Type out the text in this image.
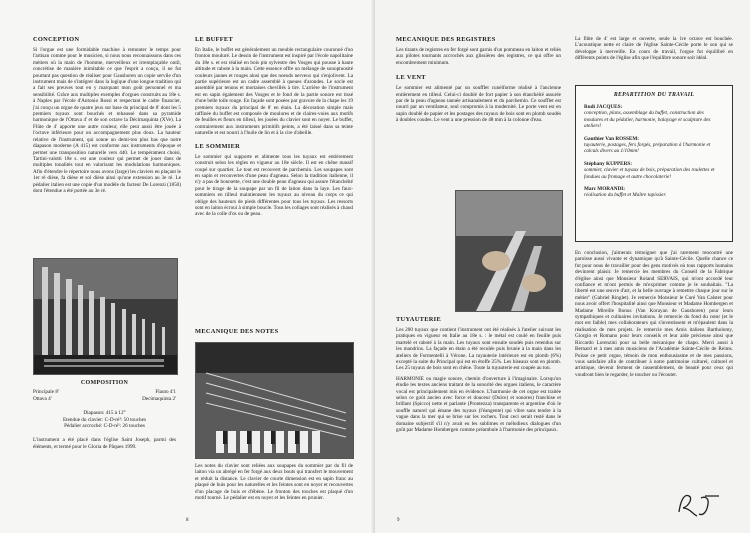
CONCEPTION

Si l'orgue est une formidable machine à remonter le temps pour l'artisan comme pour le musicien, si nous nous reconnaissons dans ces métiers où la main de l'homme, merveilleux et irremplaçable outil, concrétise de manière inimitable ce que l'esprit a conçu, il ne fut pourtant pas question de réaliser pour Gaushoren un copie servile d'un instrument mais de s'intégrer dans la logique d'une longue tradition qui a fait ses preuves tout en y marquant mon goût personnel et ma sensibilité. Grâce aux multiples exemples d'orgues construits au 18e s. à Naples par l'école d'Antonio Rossi et respectant le cadre financier, j'ai conçu un orgue de quatre jeux sur base du principal de 8' dont les 5 premiers tuyaux sont bouchés et rehaussé dans sa pyramide harmonique de l'Ottava 4' et de son octave la Décimaquinta (XVe). La Flûte de 4' apporte une autre couleur, elle peut aussi être jouée à l'octave inférieure pour un accompagnement plus doux. La hauteur relative de l'instrument, qui sonne un demi-ton plus bas que notre diapason moderne (A 415) est conforme aux instruments d'époque et permet une transposition naturelle vers 440. Le tempérament choisi, Tartini-valotti 18e s. est une couleur qui permet de jouer dans de multiples tonalités tout en valorisant les modulations harmoniques. Afin d'étendre le répertoire nous avons (large) les claviers en plaçant le 1er ré dièse, fa dièse et sol dièse ainsi qu'une extension au 3e ré. Le pédalier italien est une copie d'un modèle du facteur De Lorenzi (1850) dont l'étendue a été portée au 3e ré.

COMPOSITION

Principale 8'	Flauto 4'1
Ottava 4'	Decimaquinta 2'
Diapason: 415 à 12°
Etendue du clavier: C-D-ré³: 50 touches
Pédalier accroché: C-D-ré¹: 26 touches

L'instrument a été placé dans l'église Saint Joseph, parmi des éléments, et termé pour le Gloria de Pâques 1999.

LE BUFFET

En Italie, le buffet est généralement un meuble rectangulaire couronné d'un fronton mouluré. Le dessin de l'instrument est inspiré par l'école napolitaine du 18e s. et est réalisé en bois pin sylvestre des Vosges qui pousse à haute altitude et rabote à la main. Cette essence offre un mélange de sonoptuosité couleurs jaunes et rouges ainsi que des noeuds nerveux qui s'enjolivent. La partie supérieure est un cadre assemblé à queues d'arondes. Le socle est assemblé par tenons et mortaises chevillés à tire. L'arrière de l'instrument est en sapin également des Vosges et le fond de la partie sonore est tissé d'une belle toile rouge. En façade sont posées par gravure de la chape les 19 premiers tuyaux du principal de 8' en étain. La décoration simple mais raffinée du buffet est composée de moulures et de claires-voies aux motifs de feuilles et fleurs en tilleul, les jouées du clavier sont en noyer. Le buffet, contrairement aux instruments primitifs peints, a été laissé dans sa teinte naturelle et est nourri à l'huile de lin et à la cire d'abeille.

LE SOMMIER

Le sommier qui supporte et alimente tous les tuyaux est entièrement construit selon les règles en vigueur au 18e siècle. Il est en chêne massif coupé sur quartier. Le tout est recouvert de parchemin. Les soupapes sont en sapin et recouvertes d'une peau d'agneau. Selon la tradition italienne, il n'y a pas de boursette, c'est une double peau d'agneau qui assure l'étanchéité pour le tirage de la soupape par un fil de laiton dans la laye. Les faux-sommiers en tilleul maintiennent les tuyaux au niveau du corps ce qui oblige des hauteurs de pieds différentes pour tous les tuyaux. Les ressorts sont en laiton écroui à simple boucle. Tous les collages sont réalisés à chaud avec de la colle d'os ou de peau.

MECANIQUE DES NOTES

Les notes du clavier sont reliées aux soupapes du sommier par du fil de laiton via un abrégé en fer forgé aux deux bouts qui transfert le mouvement et réduit la distance. Le clavier de courte dimension est en sapin franc au plaqué de buis pour les naturelles et les feintes sont en noyer et recouvertes d'un placage de buis et d'ébène. Le fronton des touches est plaqué d'un motif tourné. Le pédalier est en noyer et les feintes en prunier.

8

MECANIQUE DES REGISTRES

Les tirants de registres en fer forgé sont garnis d'un pommeau en laiton et reliés aux pilotes tournants accrochés aux glissières des registres, ce qui offre un encombrement minimum.

LE VENT

Le sommier est alimenté par un soufflet cunéiforme réalisé à l'ancienne entièrement en tilleul. Celui-ci doublé de fort papier à son étanchéité assurée par de la peau d'agneau tannée artisanalement et du parchemin. Ce soufflet est nourri par un ventilateur, seul compromis à la modernité. Le porte vent est en sapin doublé de papier et les postages des tuyaux de bois sont en plomb soudés à doubles coudes. Le vent a une pression de 48 mm à la colonne d'eau.

TUYAUTERIE

Les 200 tuyaux que contient l'instrument ont été réalisés à l'atelier suivant les pratiques en vigueur en Italie au 18e s. : le métal est coulé en feuille puis martelé et raboté à la main. Les tuyaux sont ensuite soudés puis retendus sur les mandrins. La façade en étain a été reculée puis brunie à la main dans les ateliers de Formentelli à Vérone. La tuyauterie intérieure est en plomb (6%) excepté la suite du Principal qui est en étoffe 25%. Les biseaux sont en plomb. Les 25 tuyaux de bois sont en chêne. Toute la tuyauterie est coupée au ton.

HARMONIE ou magie sonore, chemin d'ouverture à l'imaginaire. Lorsqu'on étudie les textes anciens traitant de la sonorité des orgues italiens, le caractère vocal est principalement mis en évidence. L'harmonie de cet orgue est traitée selon ce goût ancien avec force et douceur (Dulce) et sonores) franchise et brillant (Spicco) nette et parlante (Prontezza) transparente et argentine d'où le souffle naturel qui émane des tuyaux (l'éangente) qui vibre sans tendre à la vague dans la mer qui se brise sur les rochers. Tout ceci serait resté dans le domaine subjectif s'il n'y avait eu les sublimes et mélodieux dialogues d'un goût par Madame Hombergen comme préambule à l'harmonie des principaux.

La flûte de 4' est large et ouverte, seule la 1re octave est bouchée. L'acoustique nette et claire de l'église Sainte-Cécile porte le son qui se développe à merveille. En cours de travail, l'orgue fut équilibré en différents points de l'église afin que l'équilibre sonore soit idéal.

REPARTITION DU TRAVAIL

Rudi JACQUES:
conception, plans, assemblage du buffet, construction des moulures et du pédalier, harmonie, balayage et sculpture des ateliers!
Gauthier Van ROSSEM:
tuyauterie, postages, fers forgés, préparation à l'harmonie et calculs divers au 1/10mm!
Stéphany KUPPERS:
sommier, clavier et tuyaux de bois, préparation des roulettes et fondues au fromage et autre chocolaterie!
Marc MORANDI:
réalisation du buffet et Maître tapissier.

En conclusion, j'aimerais témoigner que j'ai rarement rencontré une paroisse aussi vivante et dynamique qu'à Sainte-Cécile. Quelle chance ce fut pour nous de travailler pour des gens motivés où tous rapports humains devinrent plaisir. Je remercie les membres du Conseil de la Fabrique d'église ainsi que Monsieur Roland SERVAIS, qui m'ont accordé leur confiance et m'ont permis de m'exprimer comme je le souhaitais. "La liberté est une œuvre d'art, et la belle ouvrage à remettre chaque jour sur le métier" (Gabriel Ringlet). Je remercie Monsieur le Curé Van Calster pour nous avoir offert l'hospitalité ainsi que Monsieur et Madame Hombergen et Madame Mireille Bonus (Van Korayan de Gaushoren) pour leurs sympathiques et culinaires invitations. Je remercie du fond du cœur (et le mot est faible) mes collaborateurs qui s'investissent et m'épaulent dans la réalisation de mes projets. Je remercie mes Amis italiens Bartholomy, Giorgio et Romano pour leurs conseils et leur aide précieuse ainsi que Riccardo Lorenzini pour sa belle mécanique de chapo. Merci aussi à Bernard et à mes amis musiciens de l'Académie Sainte-Cécile de Reims. Puisse ce petit orgue, témoin de mon enthousiasme et de mes passions, vous satisfaire afin de contribuer à notre patrimoine culturel, culturel et artistique, devenir ferment de rassemblement, de beauté pour ceux qui voudront bien le regarder, le toucher ou l'écouter.

9
